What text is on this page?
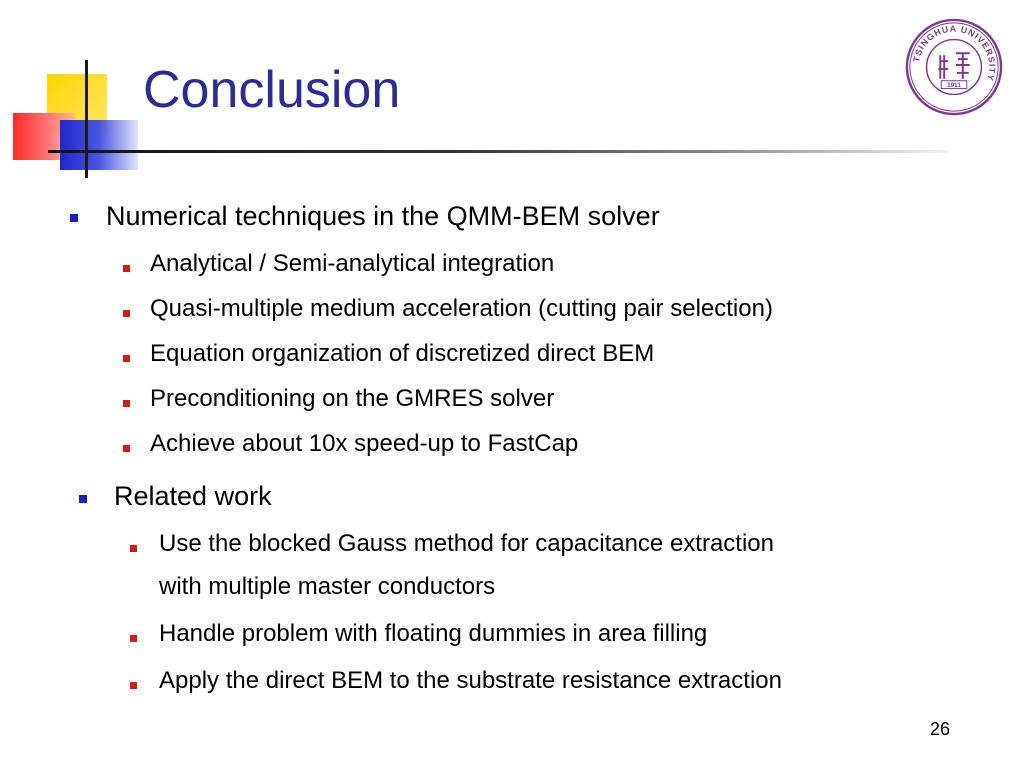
Conclusion
TSINGHUA UNIVERSITY
1911
Numerical techniques in the QMM-BEM solver
Analytical / Semi-analytical integration
Quasi-multiple medium acceleration (cutting pair selection)
Equation organization of discretized direct BEM
Preconditioning on the GMRES solver
Achieve about 10x speed-up to FastCap
Related work
Use the blocked Gauss method for capacitance extraction
with multiple master conductors
Handle problem with floating dummies in area filling
Apply the direct BEM to the substrate resistance extraction
26
